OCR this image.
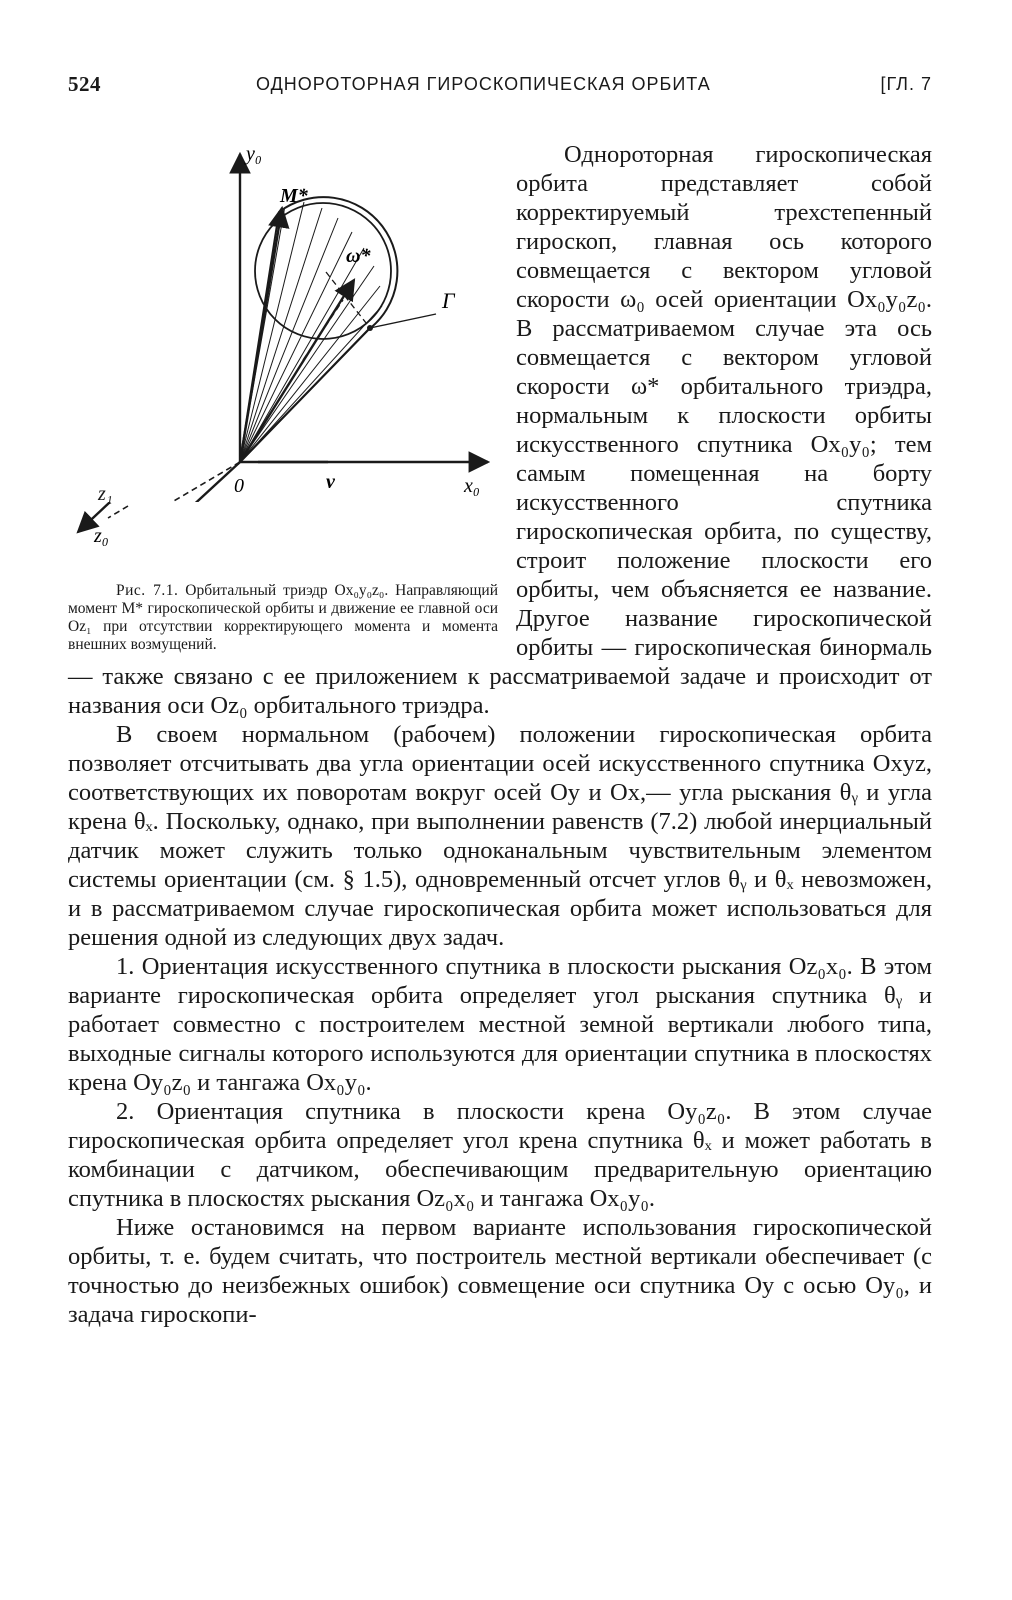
524	ОДНОРОТОРНАЯ ГИРОСКОПИЧЕСКАЯ ОРБИТА	[ГЛ. 7
y₀
M*
ω*
Г
0	v	x₀
z₁
z₀

Рис. 7.1. Орбитальный триэдр Ox₀y₀z₀. Направляющий момент M* гироскопической орбиты и движение ее главной оси Oz₁ при отсутствии корректирующего момента и момента внешних возмущений.

Однороторная гироскопическая орбита представляет собой корректируемый трехстепенный гироскоп, главная ось которого совмещается с вектором угловой скорости ω₀ осей ориентации Ox₀y₀z₀. В рассматриваемом случае эта ось совмещается с вектором угловой скорости ω* орбитального триэдра, нормальным к плоскости орбиты искусственного спутника Ox₀y₀; тем самым помещенная на борту искусственного спутника гироскопическая орбита, по существу, строит положение плоскости его орбиты, чем объясняется ее название. Другое название гироскопической орбиты — гироскопическая бинормаль — также связано с ее приложением к рассматриваемой задаче и происходит от названия оси Oz₀ орбитального триэдра.

В своем нормальном (рабочем) положении гироскопическая орбита позволяет отсчитывать два угла ориентации осей искусственного спутника Oxyz, соответствующих их поворотам вокруг осей Oy и Ox,— угла рыскания θᵧ и угла крена θₓ. Поскольку, однако, при выполнении равенств (7.2) любой инерциальный датчик может служить только одноканальным чувствительным элементом системы ориентации (см. § 1.5), одновременный отсчет углов θᵧ и θₓ невозможен, и в рассматриваемом случае гироскопическая орбита может использоваться для решения одной из следующих двух задач.

1. Ориентация искусственного спутника в плоскости рыскания Oz₀x₀. В этом варианте гироскопическая орбита определяет угол рыскания спутника θᵧ и работает совместно с построителем местной земной вертикали любого типа, выходные сигналы которого используются для ориентации спутника в плоскостях крена Oy₀z₀ и тангажа Ox₀y₀.

2. Ориентация спутника в плоскости крена Oy₀z₀. В этом случае гироскопическая орбита определяет угол крена спутника θₓ и может работать в комбинации с датчиком, обеспечивающим предварительную ориентацию спутника в плоскостях рыскания Oz₀x₀ и тангажа Ox₀y₀.

Ниже остановимся на первом варианте использования гироскопической орбиты, т. е. будем считать, что построитель местной вертикали обеспечивает (с точностью до неизбежных ошибок) совмещение оси спутника Oy с осью Oy₀, и задача гироскопи-
